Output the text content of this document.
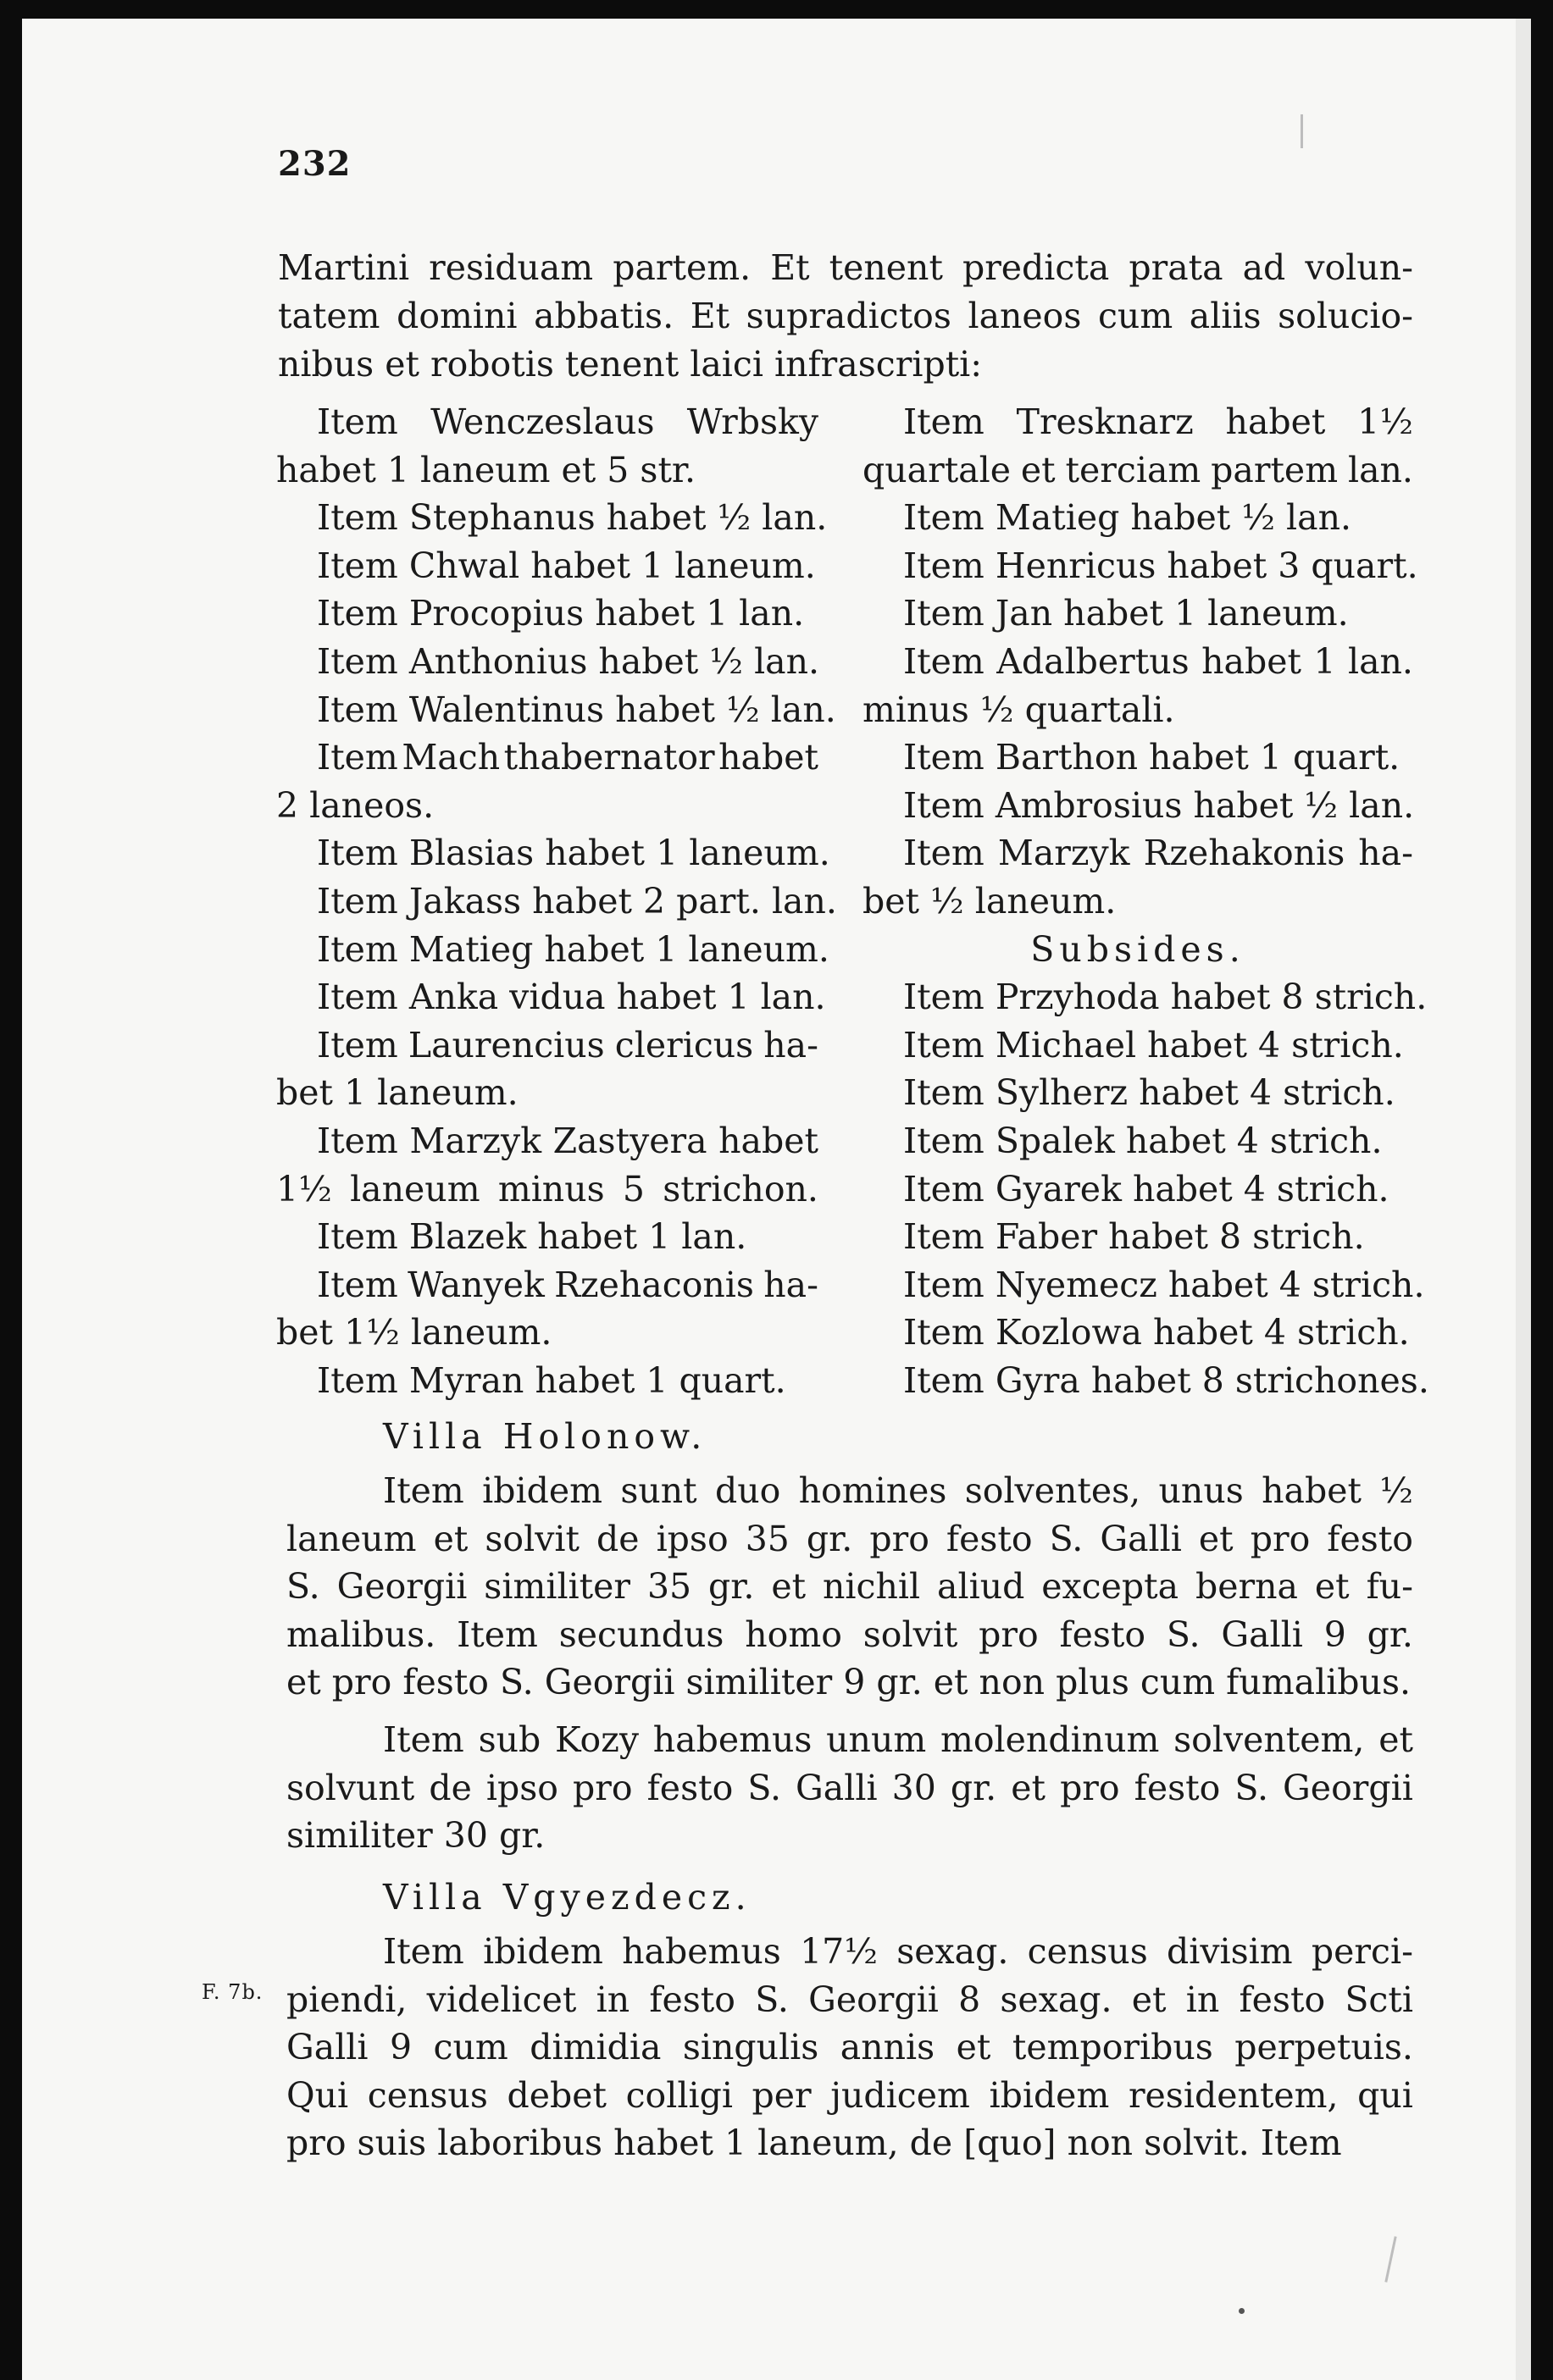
232
Martini residuam partem. Et tenent predicta prata ad volun-
tatem domini abbatis. Et supradictos laneos cum aliis solucio-
nibus et robotis tenent laici infrascripti:
Item Wenczeslaus Wrbsky
habet 1 laneum et 5 str.
Item Stephanus habet ½ lan.
Item Chwal habet 1 laneum.
Item Procopius habet 1 lan.
Item Anthonius habet ½ lan.
Item Walentinus habet ½ lan.
Item Mach thabernator habet
2 laneos.
Item Blasias habet 1 laneum.
Item Jakass habet 2 part. lan.
Item Matieg habet 1 laneum.
Item Anka vidua habet 1 lan.
Item Laurencius clericus ha-
bet 1 laneum.
Item Marzyk Zastyera habet
1½ laneum minus 5 strichon.
Item Blazek habet 1 lan.
Item Wanyek Rzehaconis ha-
bet 1½ laneum.
Item Myran habet 1 quart.
Item Tresknarz habet 1½
quartale et terciam partem lan.
Item Matieg habet ½ lan.
Item Henricus habet 3 quart.
Item Jan habet 1 laneum.
Item Adalbertus habet 1 lan.
minus ½ quartali.
Item Barthon habet 1 quart.
Item Ambrosius habet ½ lan.
Item Marzyk Rzehakonis ha-
bet ½ laneum.
Subsides.
Item Przyhoda habet 8 strich.
Item Michael habet 4 strich.
Item Sylherz habet 4 strich.
Item Spalek habet 4 strich.
Item Gyarek habet 4 strich.
Item Faber habet 8 strich.
Item Nyemecz habet 4 strich.
Item Kozlowa habet 4 strich.
Item Gyra habet 8 strichones.
Villa Holonow.
Item ibidem sunt duo homines solventes, unus habet ½
laneum et solvit de ipso 35 gr. pro festo S. Galli et pro festo
S. Georgii similiter 35 gr. et nichil aliud excepta berna et fu-
malibus. Item secundus homo solvit pro festo S. Galli 9 gr.
et pro festo S. Georgii similiter 9 gr. et non plus cum fumalibus.
Item sub Kozy habemus unum molendinum solventem, et
solvunt de ipso pro festo S. Galli 30 gr. et pro festo S. Georgii
similiter 30 gr.
Villa Vgyezdecz.
F. 7b.
Item ibidem habemus 17½ sexag. census divisim perci-
piendi, videlicet in festo S. Georgii 8 sexag. et in festo Scti
Galli 9 cum dimidia singulis annis et temporibus perpetuis.
Qui census debet colligi per judicem ibidem residentem, qui
pro suis laboribus habet 1 laneum, de [quo] non solvit. Item
